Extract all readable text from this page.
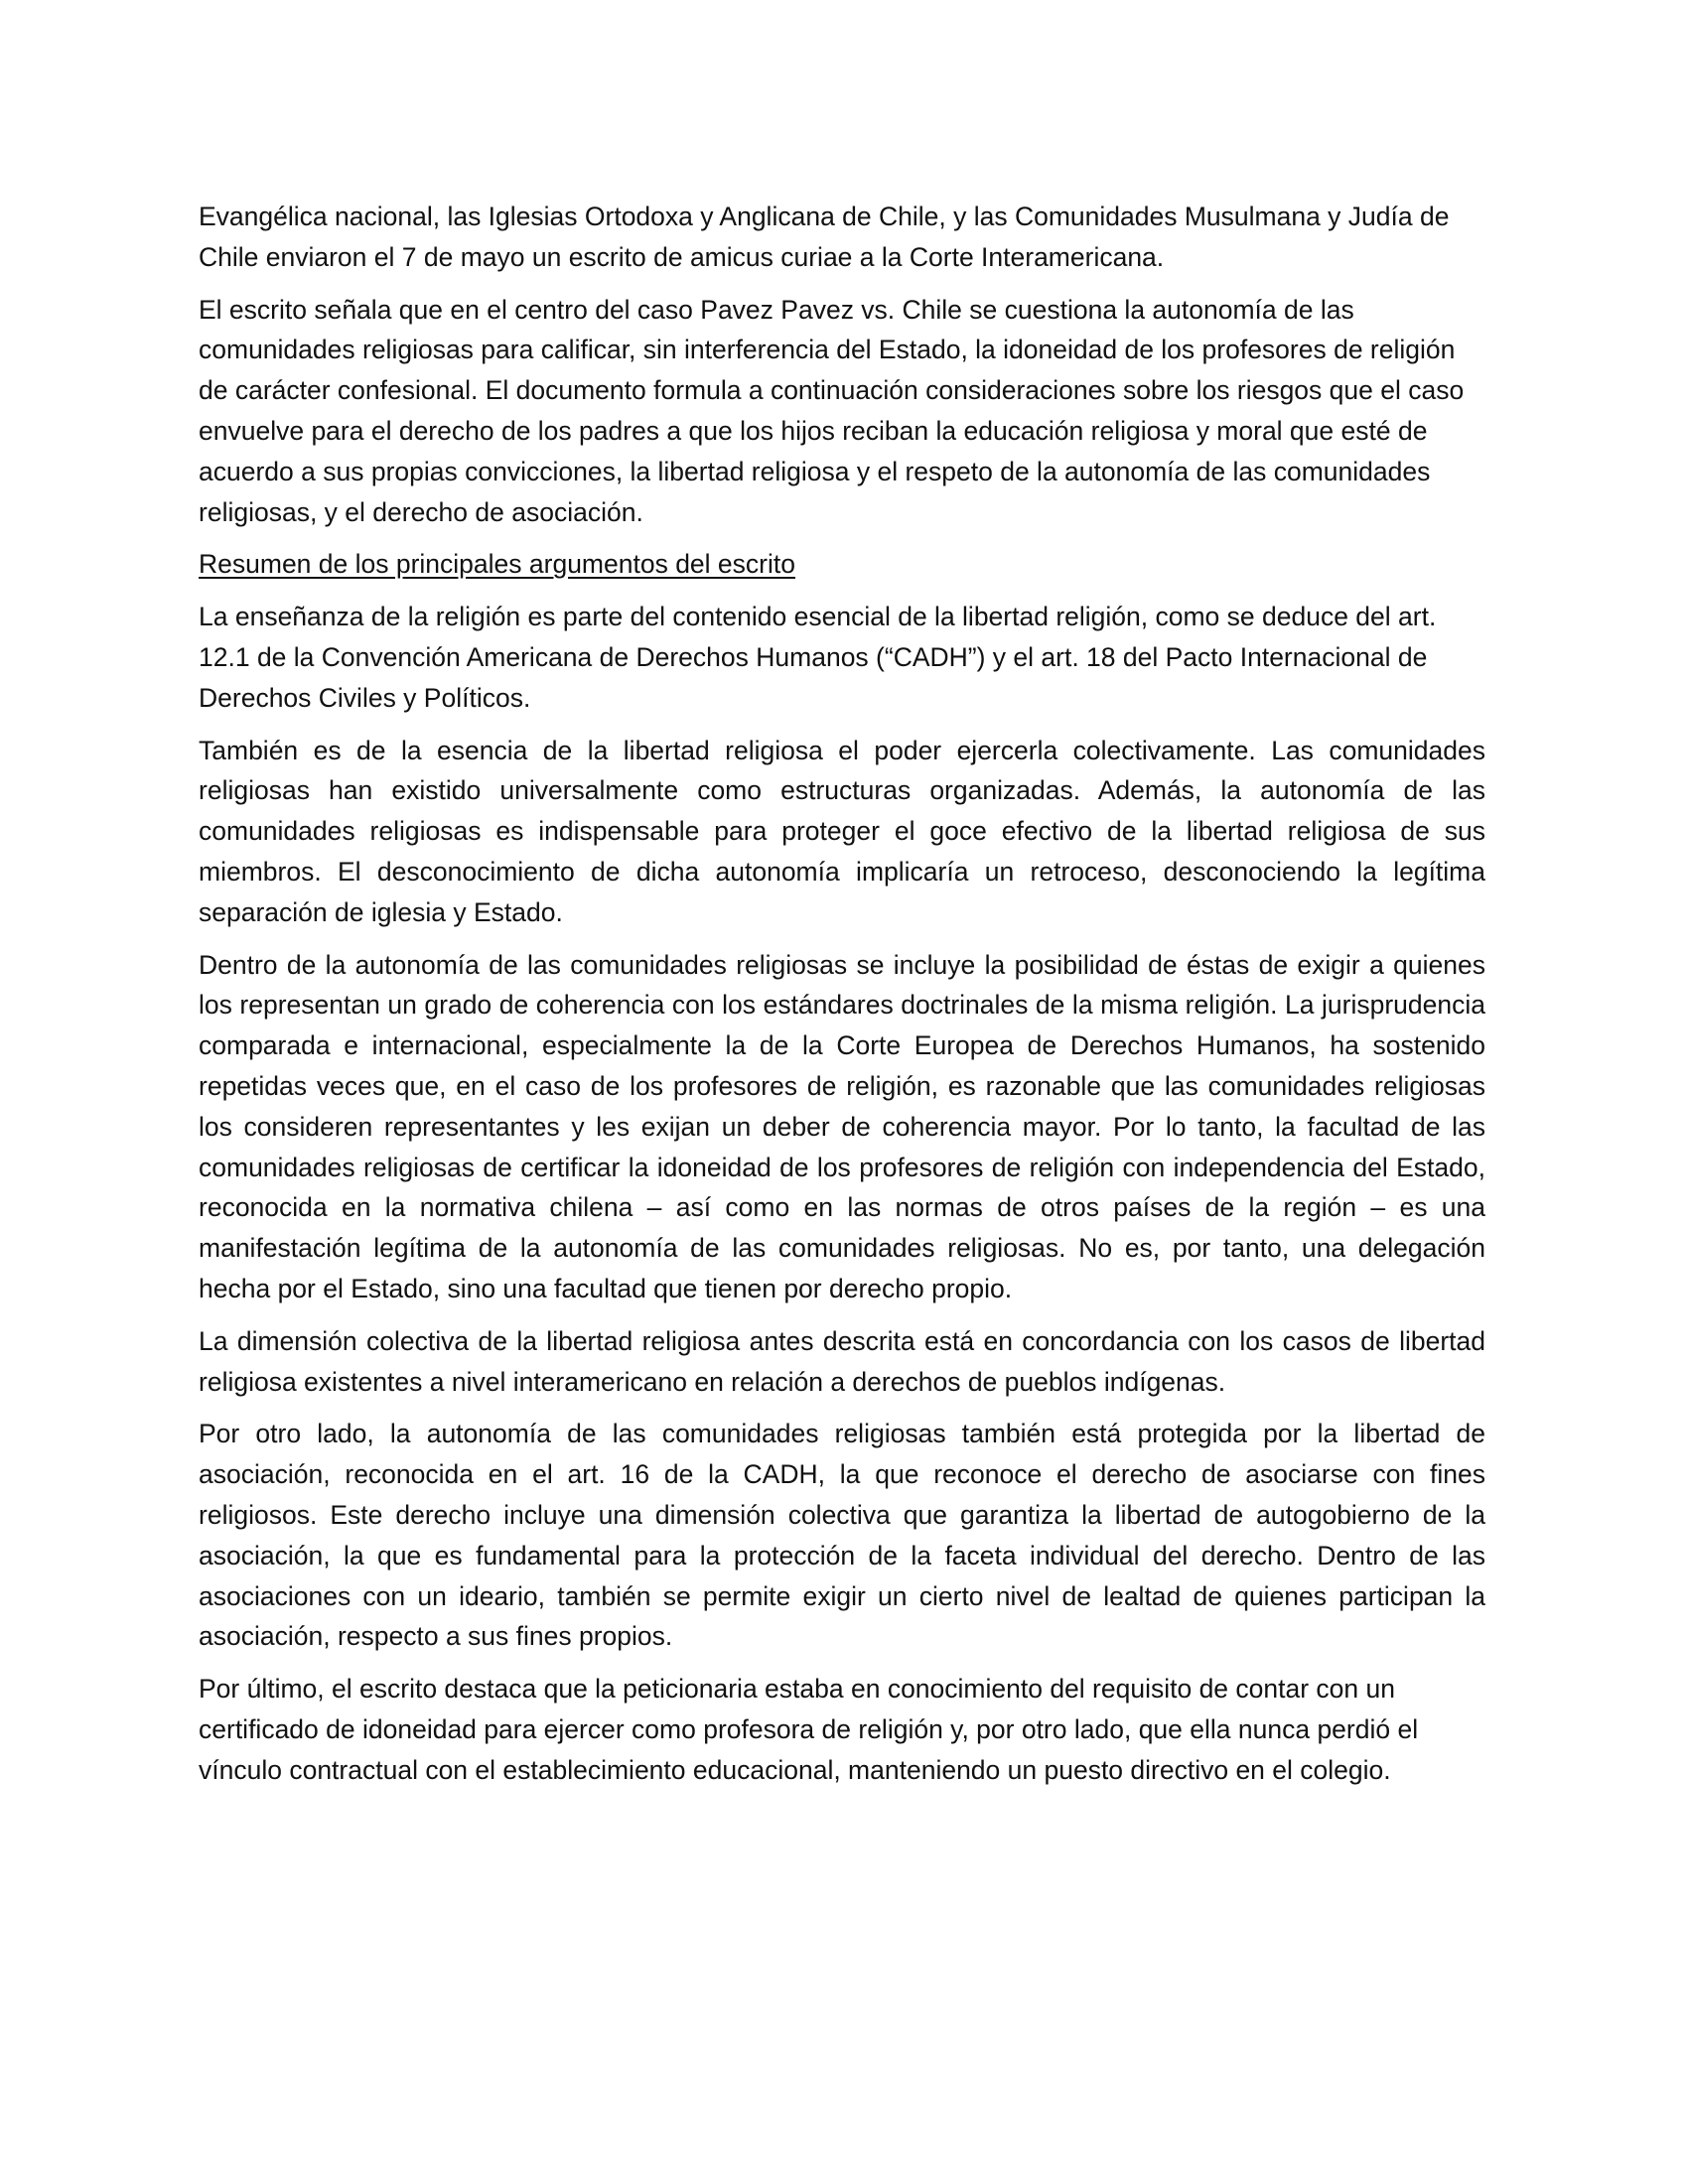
Evangélica nacional, las Iglesias Ortodoxa y Anglicana de Chile, y las Comunidades Musulmana y Judía de Chile enviaron el 7 de mayo un escrito de amicus curiae a la Corte Interamericana.

El escrito señala que en el centro del caso Pavez Pavez vs. Chile se cuestiona la autonomía de las comunidades religiosas para calificar, sin interferencia del Estado, la idoneidad de los profesores de religión de carácter confesional. El documento formula a continuación consideraciones sobre los riesgos que el caso envuelve para el derecho de los padres a que los hijos reciban la educación religiosa y moral que esté de acuerdo a sus propias convicciones, la libertad religiosa y el respeto de la autonomía de las comunidades religiosas, y el derecho de asociación.

Resumen de los principales argumentos del escrito

La enseñanza de la religión es parte del contenido esencial de la libertad religión, como se deduce del art. 12.1 de la Convención Americana de Derechos Humanos (“CADH”) y el art. 18 del Pacto Internacional de Derechos Civiles y Políticos.

También es de la esencia de la libertad religiosa el poder ejercerla colectivamente. Las comunidades religiosas han existido universalmente como estructuras organizadas. Además, la autonomía de las comunidades religiosas es indispensable para proteger el goce efectivo de la libertad religiosa de sus miembros. El desconocimiento de dicha autonomía implicaría un retroceso, desconociendo la legítima separación de iglesia y Estado.

Dentro de la autonomía de las comunidades religiosas se incluye la posibilidad de éstas de exigir a quienes los representan un grado de coherencia con los estándares doctrinales de la misma religión. La jurisprudencia comparada e internacional, especialmente la de la Corte Europea de Derechos Humanos, ha sostenido repetidas veces que, en el caso de los profesores de religión, es razonable que las comunidades religiosas los consideren representantes y les exijan un deber de coherencia mayor. Por lo tanto, la facultad de las comunidades religiosas de certificar la idoneidad de los profesores de religión con independencia del Estado, reconocida en la normativa chilena – así como en las normas de otros países de la región – es una manifestación legítima de la autonomía de las comunidades religiosas. No es, por tanto, una delegación hecha por el Estado, sino una facultad que tienen por derecho propio.

La dimensión colectiva de la libertad religiosa antes descrita está en concordancia con los casos de libertad religiosa existentes a nivel interamericano en relación a derechos de pueblos indígenas.

Por otro lado, la autonomía de las comunidades religiosas también está protegida por la libertad de asociación, reconocida en el art. 16 de la CADH, la que reconoce el derecho de asociarse con fines religiosos. Este derecho incluye una dimensión colectiva que garantiza la libertad de autogobierno de la asociación, la que es fundamental para la protección de la faceta individual del derecho. Dentro de las asociaciones con un ideario, también se permite exigir un cierto nivel de lealtad de quienes participan la asociación, respecto a sus fines propios.

Por último, el escrito destaca que la peticionaria estaba en conocimiento del requisito de contar con un certificado de idoneidad para ejercer como profesora de religión y, por otro lado, que ella nunca perdió el vínculo contractual con el establecimiento educacional, manteniendo un puesto directivo en el colegio.
